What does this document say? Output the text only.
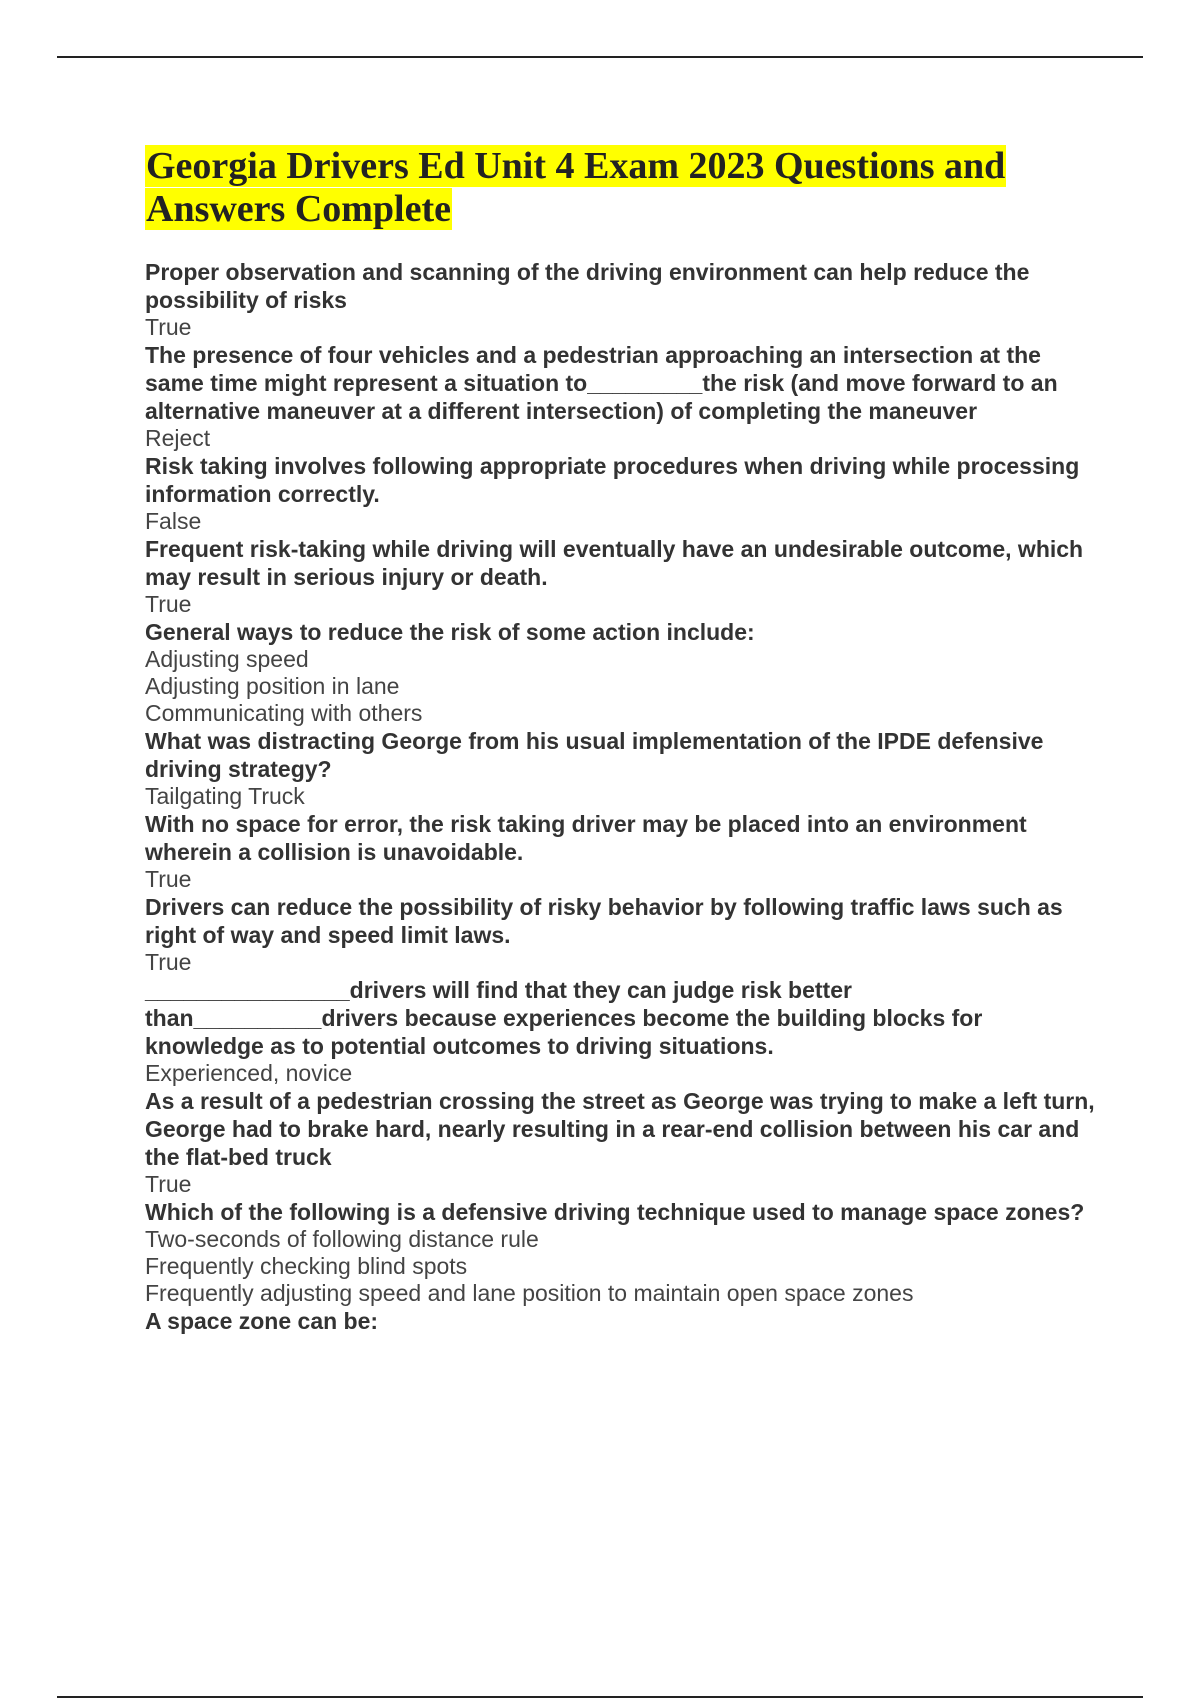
Georgia Drivers Ed Unit 4 Exam 2023 Questions and Answers Complete

Proper observation and scanning of the driving environment can help reduce the possibility of risks

True

The presence of four vehicles and a pedestrian approaching an intersection at the same time might represent a situation to_________the risk (and move forward to an alternative maneuver at a different intersection) of completing the maneuver

Reject

Risk taking involves following appropriate procedures when driving while processing information correctly.

False

Frequent risk-taking while driving will eventually have an undesirable outcome, which may result in serious injury or death.

True

General ways to reduce the risk of some action include:

Adjusting speed

Adjusting position in lane

Communicating with others

What was distracting George from his usual implementation of the IPDE defensive driving strategy?

Tailgating Truck

With no space for error, the risk taking driver may be placed into an environment wherein a collision is unavoidable.

True

Drivers can reduce the possibility of risky behavior by following traffic laws such as right of way and speed limit laws.

True

________________drivers will find that they can judge risk better than__________drivers because experiences become the building blocks for knowledge as to potential outcomes to driving situations.

Experienced, novice

As a result of a pedestrian crossing the street as George was trying to make a left turn, George had to brake hard, nearly resulting in a rear-end collision between his car and the flat-bed truck

True

Which of the following is a defensive driving technique used to manage space zones?

Two-seconds of following distance rule

Frequently checking blind spots

Frequently adjusting speed and lane position to maintain open space zones

A space zone can be:
